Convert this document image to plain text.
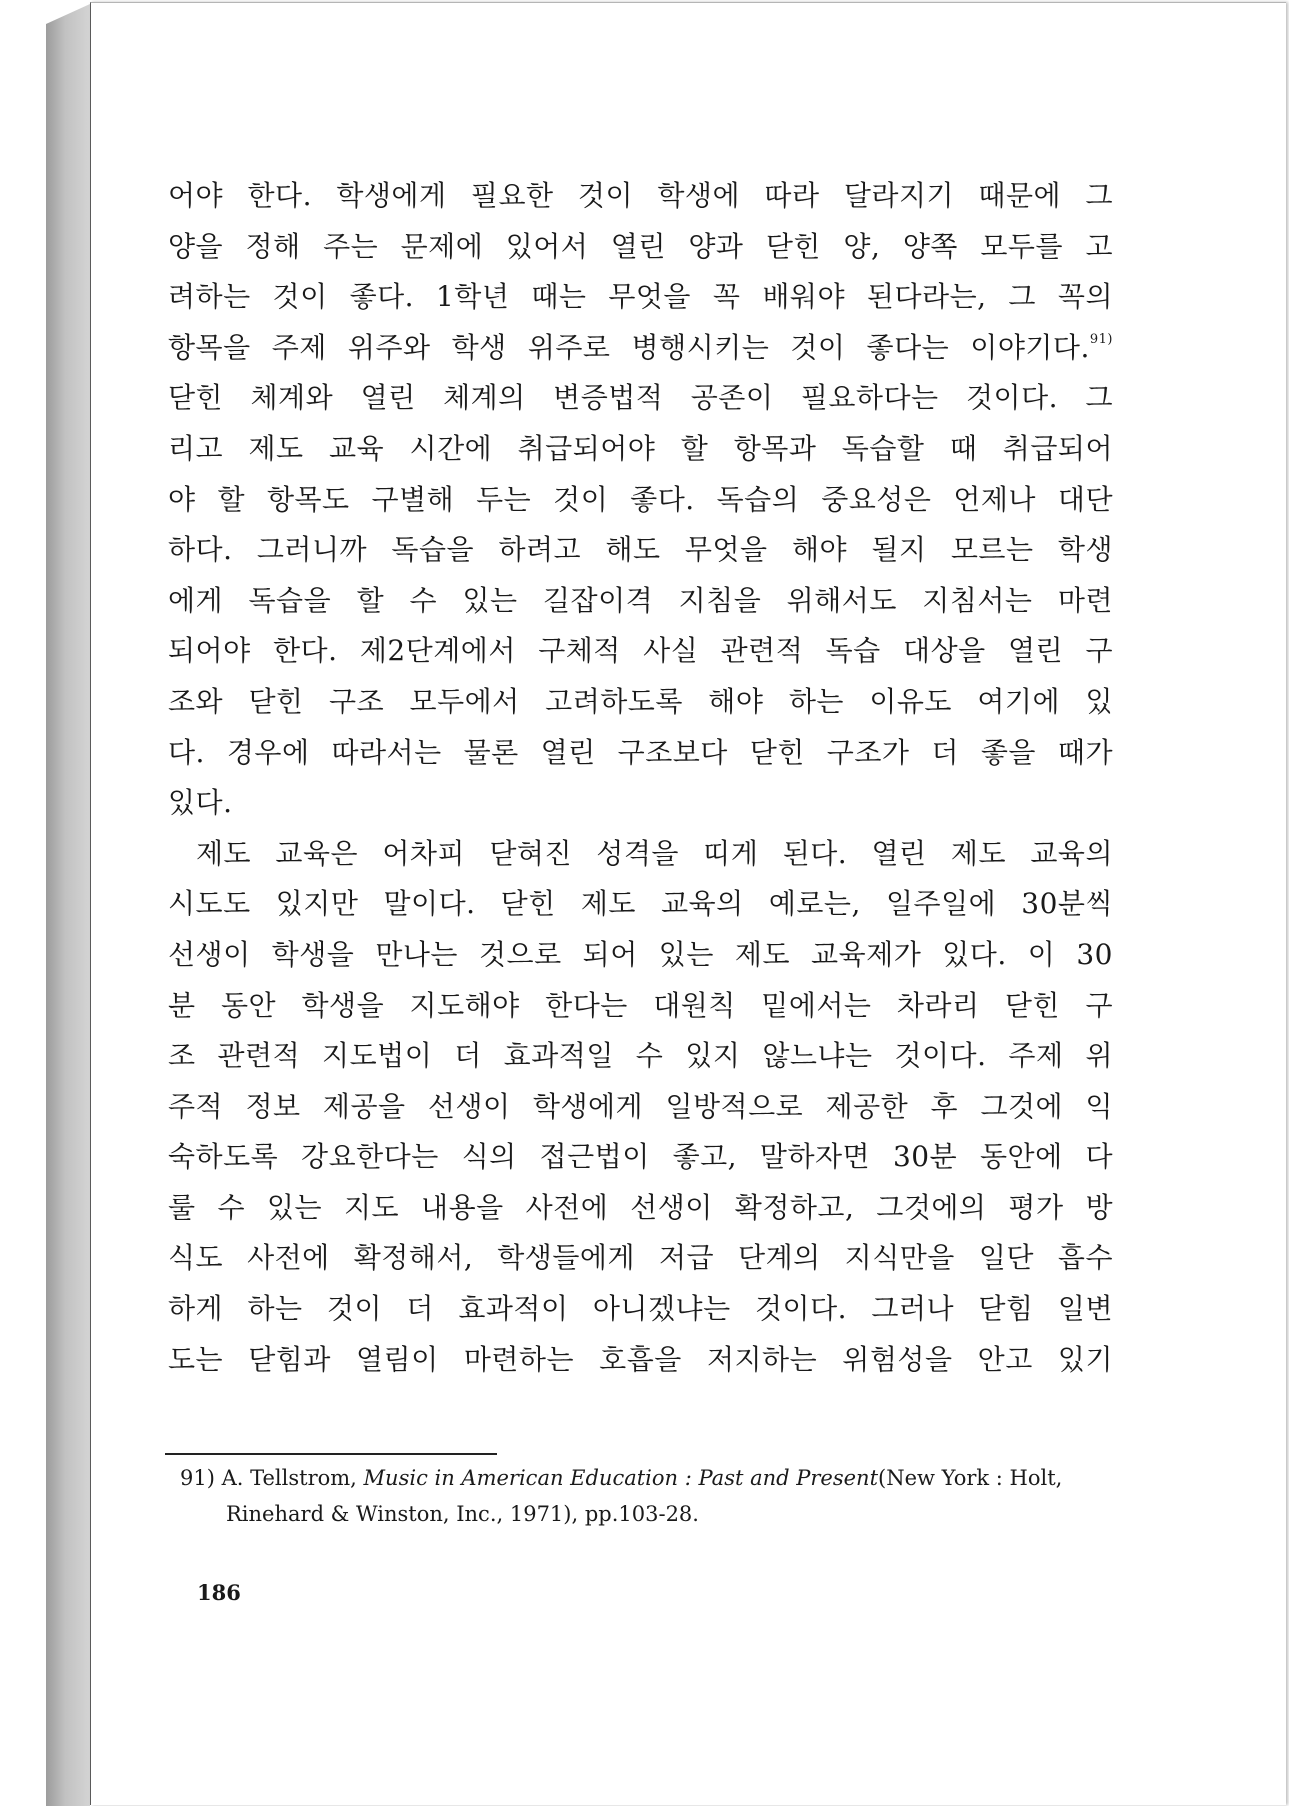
어야 한다. 학생에게 필요한 것이 학생에 따라 달라지기 때문에 그
양을 정해 주는 문제에 있어서 열린 양과 닫힌 양, 양쪽 모두를 고
려하는 것이 좋다. 1학년 때는 무엇을 꼭 배워야 된다라는, 그 꼭의
항목을 주제 위주와 학생 위주로 병행시키는 것이 좋다는 이야기다.$^{91)}$
닫힌 체계와 열린 체계의 변증법적 공존이 필요하다는 것이다. 그
리고 제도 교육 시간에 취급되어야 할 항목과 독습할 때 취급되어
야 할 항목도 구별해 두는 것이 좋다. 독습의 중요성은 언제나 대단
하다. 그러니까 독습을 하려고 해도 무엇을 해야 될지 모르는 학생
에게 독습을 할 수 있는 길잡이격 지침을 위해서도 지침서는 마련
되어야 한다. 제2단계에서 구체적 사실 관련적 독습 대상을 열린 구
조와 닫힌 구조 모두에서 고려하도록 해야 하는 이유도 여기에 있
다. 경우에 따라서는 물론 열린 구조보다 닫힌 구조가 더 좋을 때가
있다.
제도 교육은 어차피 닫혀진 성격을 띠게 된다. 열린 제도 교육의
시도도 있지만 말이다. 닫힌 제도 교육의 예로는, 일주일에 30분씩
선생이 학생을 만나는 것으로 되어 있는 제도 교육제가 있다. 이 30
분 동안 학생을 지도해야 한다는 대원칙 밑에서는 차라리 닫힌 구
조 관련적 지도법이 더 효과적일 수 있지 않느냐는 것이다. 주제 위
주적 정보 제공을 선생이 학생에게 일방적으로 제공한 후 그것에 익
숙하도록 강요한다는 식의 접근법이 좋고, 말하자면 30분 동안에 다
룰 수 있는 지도 내용을 사전에 선생이 확정하고, 그것에의 평가 방
식도 사전에 확정해서, 학생들에게 저급 단계의 지식만을 일단 흡수
하게 하는 것이 더 효과적이 아니겠냐는 것이다. 그러나 닫힘 일변
도는 닫힘과 열림이 마련하는 호흡을 저지하는 위험성을 안고 있기
91) A. Tellstrom, Music in American Education : Past and Present(New York : Holt,
Rinehard & Winston, Inc., 1971), pp.103-28.
186
